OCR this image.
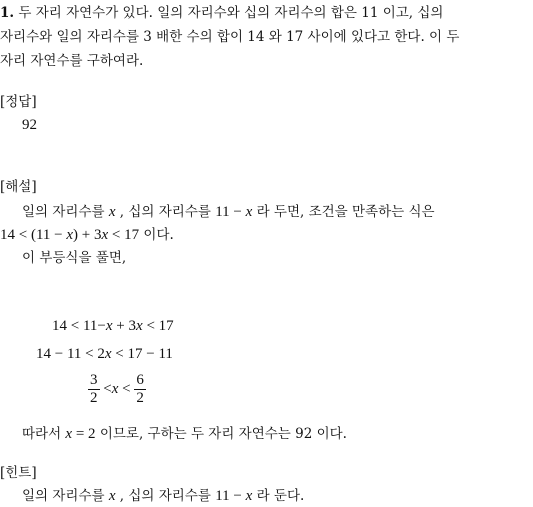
1. 두 자리 자연수가 있다. 일의 자리수와 십의 자리수의 합은 11 이고, 십의
자리수와 일의 자리수를 3 배한 수의 합이 14 와 17 사이에 있다고 한다. 이 두
자리 자연수를 구하여라.
[정답]
92
[해설]
일의 자리수를 x , 십의 자리수를 11 − x 라 두면, 조건을 만족하는 식은
14 < (11 − x) + 3x < 17 이다.
이 부등식을 풀면,
14 < 11−x + 3x < 17
14 − 11 < 2x < 17 − 11
$\frac{3}{2} <x < \frac{6}{2}$
따라서 x = 2 이므로, 구하는 두 자리 자연수는 92 이다.
[힌트]
일의 자리수를 x , 십의 자리수를 11 − x 라 둔다.
